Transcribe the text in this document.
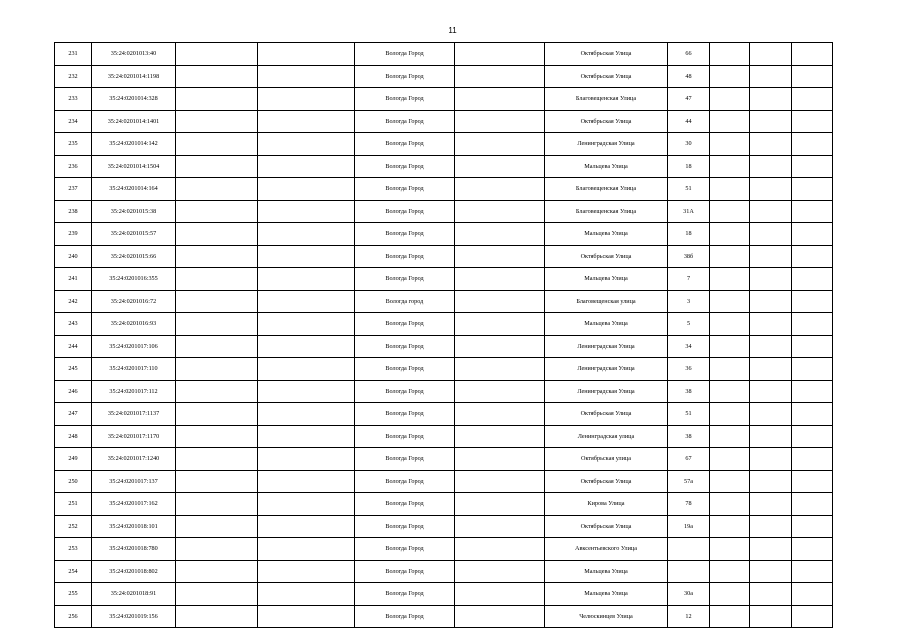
11
231	35:24:0201013:40			Вологда Город		Октябрьская Улица	66			
232	35:24:0201014:1198			Вологда Город		Октябрьская Улица	48			
233	35:24:0201014:328			Вологда Город		Благовещенская Улица	47			
234	35:24:0201014:1401			Вологда Город		Октябрьская Улица	44			
235	35:24:0201014:142			Вологда Город		Ленинградская Улица	30			
236	35:24:0201014:1504			Вологда Город		Мальцева Улица	18			
237	35:24:0201014:164			Вологда Город		Благовещенская Улица	51			
238	35:24:0201015:38			Вологда Город		Благовещенская Улица	31А			
239	35:24:0201015:57			Вологда Город		Мальцева Улица	18			
240	35:24:0201015:66			Вологда Город		Октябрьская Улица	38б			
241	35:24:0201016:355			Вологда Город		Мальцева Улица	7			
242	35:24:0201016:72			Вологда город		Благовещенская улица	3			
243	35:24:0201016:93			Вологда Город		Мальцева Улица	5			
244	35:24:0201017:106			Вологда Город		Ленинградская Улица	34			
245	35:24:0201017:110			Вологда Город		Ленинградская Улица	36			
246	35:24:0201017:112			Вологда Город		Ленинградская Улица	38			
247	35:24:0201017:1137			Вологда Город		Октябрьская Улица	51			
248	35:24:0201017:1170			Вологда Город		Ленинградская улица	38			
249	35:24:0201017:1240			Вологда Город		Октябрьская улица	67			
250	35:24:0201017:137			Вологда Город		Октябрьская Улица	57а			
251	35:24:0201017:162			Вологда Город		Кирова Улица	78			
252	35:24:0201018:101			Вологда Город		Октябрьская Улица	19а			
253	35:24:0201018:780			Вологда Город		Авксентьевского Улица				
254	35:24:0201018:802			Вологда Город		Мальцева Улица				
255	35:24:0201018:91			Вологда Город		Мальцева Улица	30а			
256	35:24:0201019:156			Вологда Город		Челюскинцев Улица	12			
